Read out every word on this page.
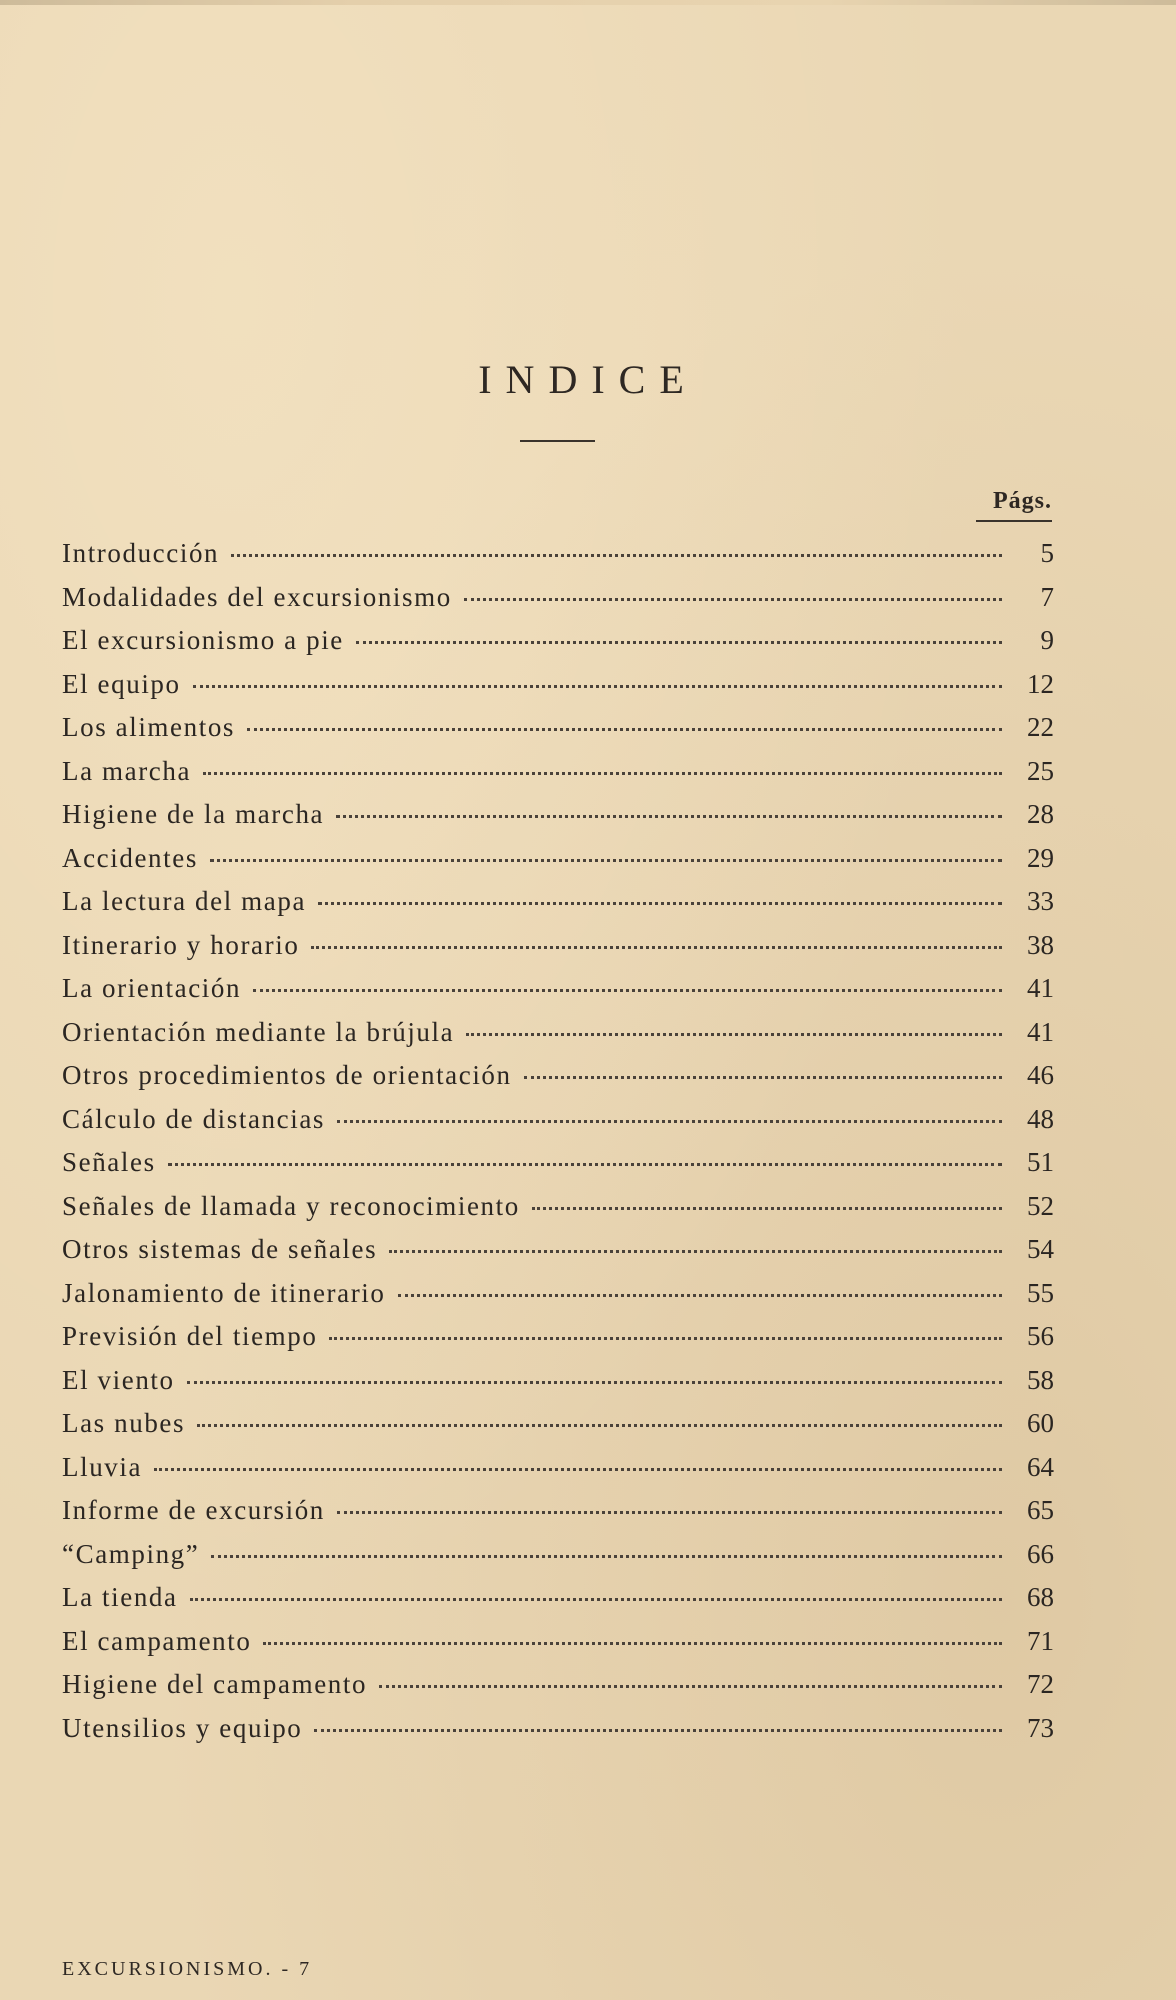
INDICE
Págs.
Introducción	5
Modalidades del excursionismo	7
El excursionismo a pie	9
El equipo	12
Los alimentos	22
La marcha	25
Higiene de la marcha	28
Accidentes	29
La lectura del mapa	33
Itinerario y horario	38
La orientación	41
Orientación mediante la brújula	41
Otros procedimientos de orientación	46
Cálculo de distancias	48
Señales	51
Señales de llamada y reconocimiento	52
Otros sistemas de señales	54
Jalonamiento de itinerario	55
Previsión del tiempo	56
El viento	58
Las nubes	60
Lluvia	64
Informe de excursión	65
“Camping”	66
La tienda	68
El campamento	71
Higiene del campamento	72
Utensilios y equipo	73
EXCURSIONISMO. - 7
